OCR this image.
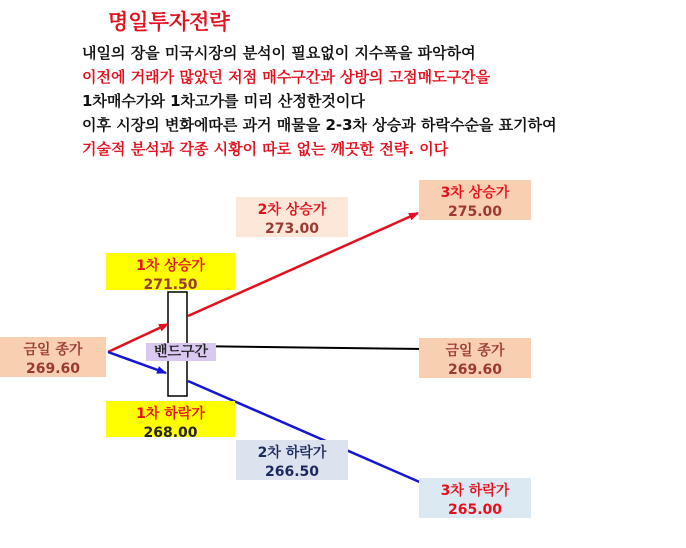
명일투자전략
내일의 장을 미국시장의 분석이 필요없이 지수폭을 파악하여
이전에 거래가 많았던 저점 매수구간과 상방의 고점매도구간을
1차매수가와 1차고가를 미리 산정한것이다
이후 시장의 변화에따른 과거 매물을 2-3차 상승과 하락수순을 표기하여
기술적 분석과 각종 시황이 따로 없는 깨끗한 전략. 이다
금일 종가
269.60
1차 상승가
271.50
2차 상승가
273.00
3차 상승가
275.00
금일 종가
269.60
1차 하락가
268.00
2차 하락가
266.50
3차 하락가
265.00
밴드구간
